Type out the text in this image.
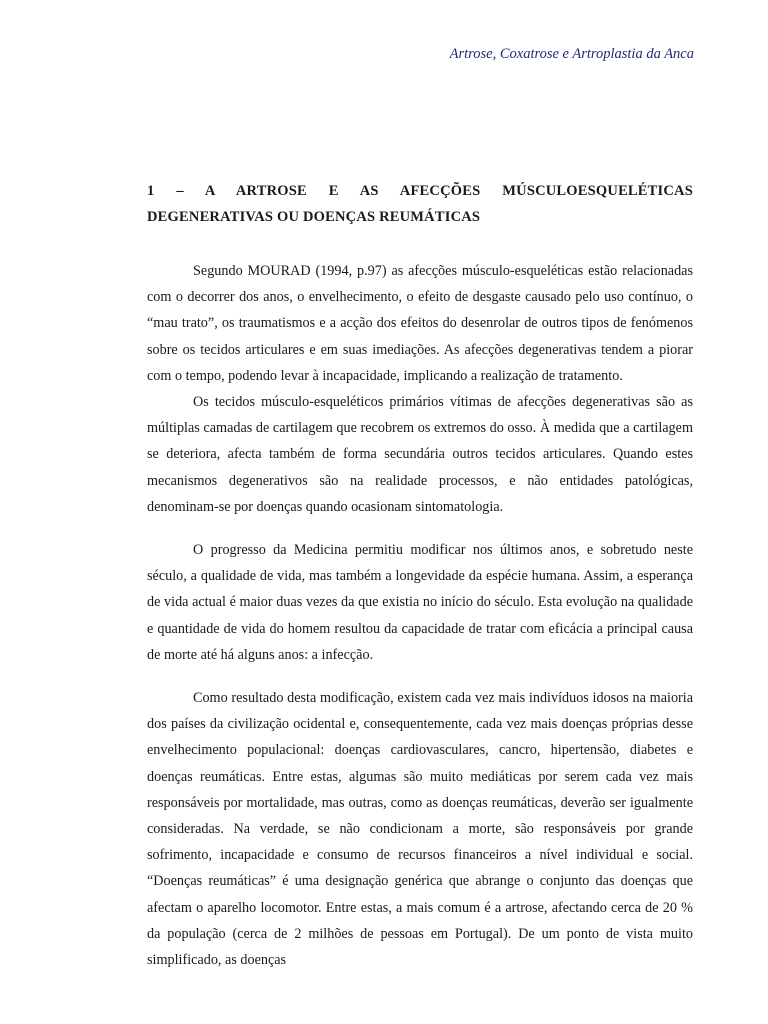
Artrose, Coxatrose e Artroplastia da Anca
1 – A ARTROSE E AS AFECÇÕES MÚSCULOESQUELÉTICAS DEGENERATIVAS OU DOENÇAS REUMÁTICAS

Segundo MOURAD (1994, p.97) as afecções músculo-esqueléticas estão relacionadas com o decorrer dos anos, o envelhecimento, o efeito de desgaste causado pelo uso contínuo, o “mau trato”, os traumatismos e a acção dos efeitos do desenrolar de outros tipos de fenómenos sobre os tecidos articulares e em suas imediações. As afecções degenerativas tendem a piorar com o tempo, podendo levar à incapacidade, implicando a realização de tratamento.

Os tecidos músculo-esqueléticos primários vítimas de afecções degenerativas são as múltiplas camadas de cartilagem que recobrem os extremos do osso. À medida que a cartilagem se deteriora, afecta também de forma secundária outros tecidos articulares. Quando estes mecanismos degenerativos são na realidade processos, e não entidades patológicas, denominam-se por doenças quando ocasionam sintomatologia.

O progresso da Medicina permitiu modificar nos últimos anos, e sobretudo neste século, a qualidade de vida, mas também a longevidade da espécie humana. Assim, a esperança de vida actual é maior duas vezes da que existia no início do século. Esta evolução na qualidade e quantidade de vida do homem resultou da capacidade de tratar com eficácia a principal causa de morte até há alguns anos: a infecção.

Como resultado desta modificação, existem cada vez mais indivíduos idosos na maioria dos países da civilização ocidental e, consequentemente, cada vez mais doenças próprias desse envelhecimento populacional: doenças cardiovasculares, cancro, hipertensão, diabetes e doenças reumáticas. Entre estas, algumas são muito mediáticas por serem cada vez mais responsáveis por mortalidade, mas outras, como as doenças reumáticas, deverão ser igualmente consideradas. Na verdade, se não condicionam a morte, são responsáveis por grande sofrimento, incapacidade e consumo de recursos financeiros a nível individual e social. “Doenças reumáticas” é uma designação genérica que abrange o conjunto das doenças que afectam o aparelho locomotor. Entre estas, a mais comum é a artrose, afectando cerca de 20 % da população (cerca de 2 milhões de pessoas em Portugal). De um ponto de vista muito simplificado, as doenças
